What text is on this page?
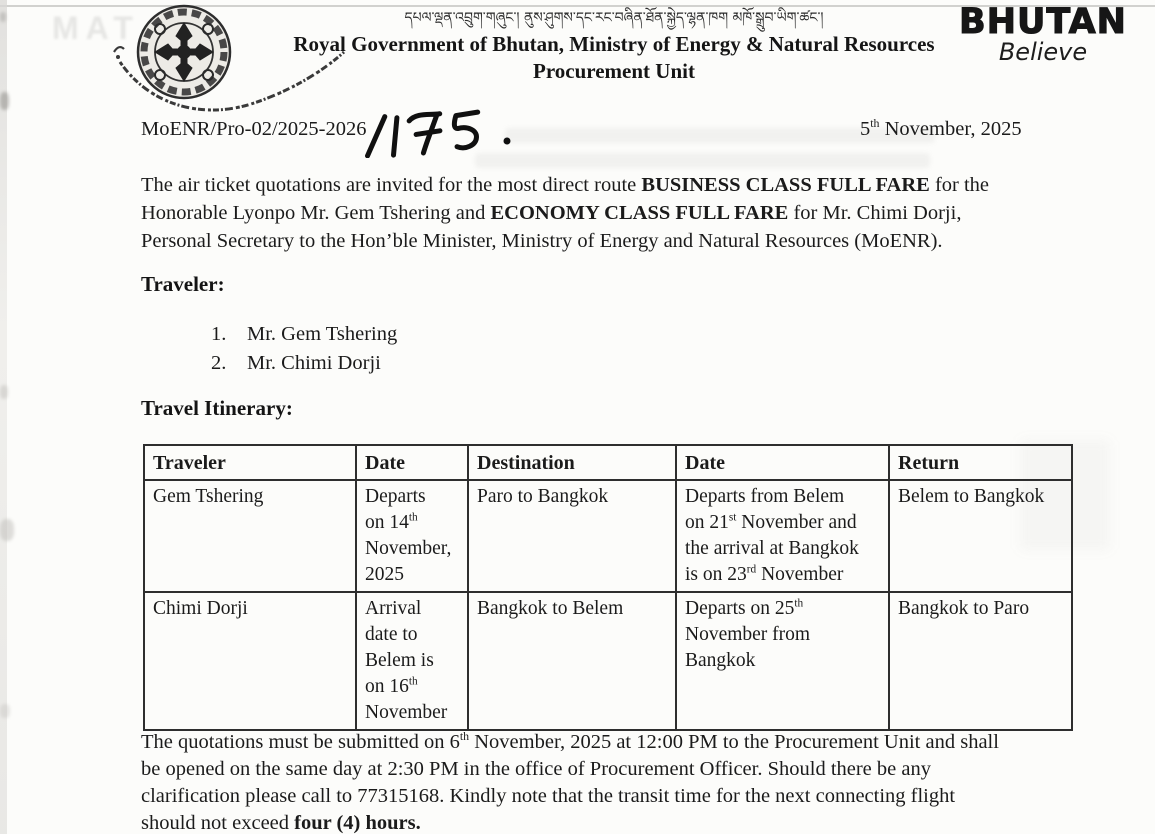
MAT	དཔལ་ལྡན་འབྲུག་གཞུང་། ནུས་ཤུགས་དང་རང་བཞིན་ཐོན་སྐྱེད་ལྷན་ཁག མཁོ་སྒྲུབ་ཡིག་ཚང་།
Royal Government of Bhutan, Ministry of Energy & Natural Resources
Procurement Unit
BHUTAN
Believe
MoENR/Pro-02/2025-2026	5th November, 2025
The air ticket quotations are invited for the most direct route BUSINESS CLASS FULL FARE for the
Honorable Lyonpo Mr. Gem Tshering and ECONOMY CLASS FULL FARE for Mr. Chimi Dorji,
Personal Secretary to the Hon’ble Minister, Ministry of Energy and Natural Resources (MoENR).
Traveler:
1. Mr. Gem Tshering
2. Mr. Chimi Dorji
Travel Itinerary:
Traveler	Date	Destination	Date	Return
Gem Tshering	Departs
on 14th
November,
2025	Paro to Bangkok	Departs from Belem
on 21st November and
the arrival at Bangkok
is on 23rd November	Belem to Bangkok
Chimi Dorji	Arrival
date to
Belem is
on 16th
November	Bangkok to Belem	Departs on 25th
November from
Bangkok	Bangkok to Paro
The quotations must be submitted on 6th November, 2025 at 12:00 PM to the Procurement Unit and shall
be opened on the same day at 2:30 PM in the office of Procurement Officer. Should there be any
clarification please call to 77315168. Kindly note that the transit time for the next connecting flight
should not exceed four (4) hours.
